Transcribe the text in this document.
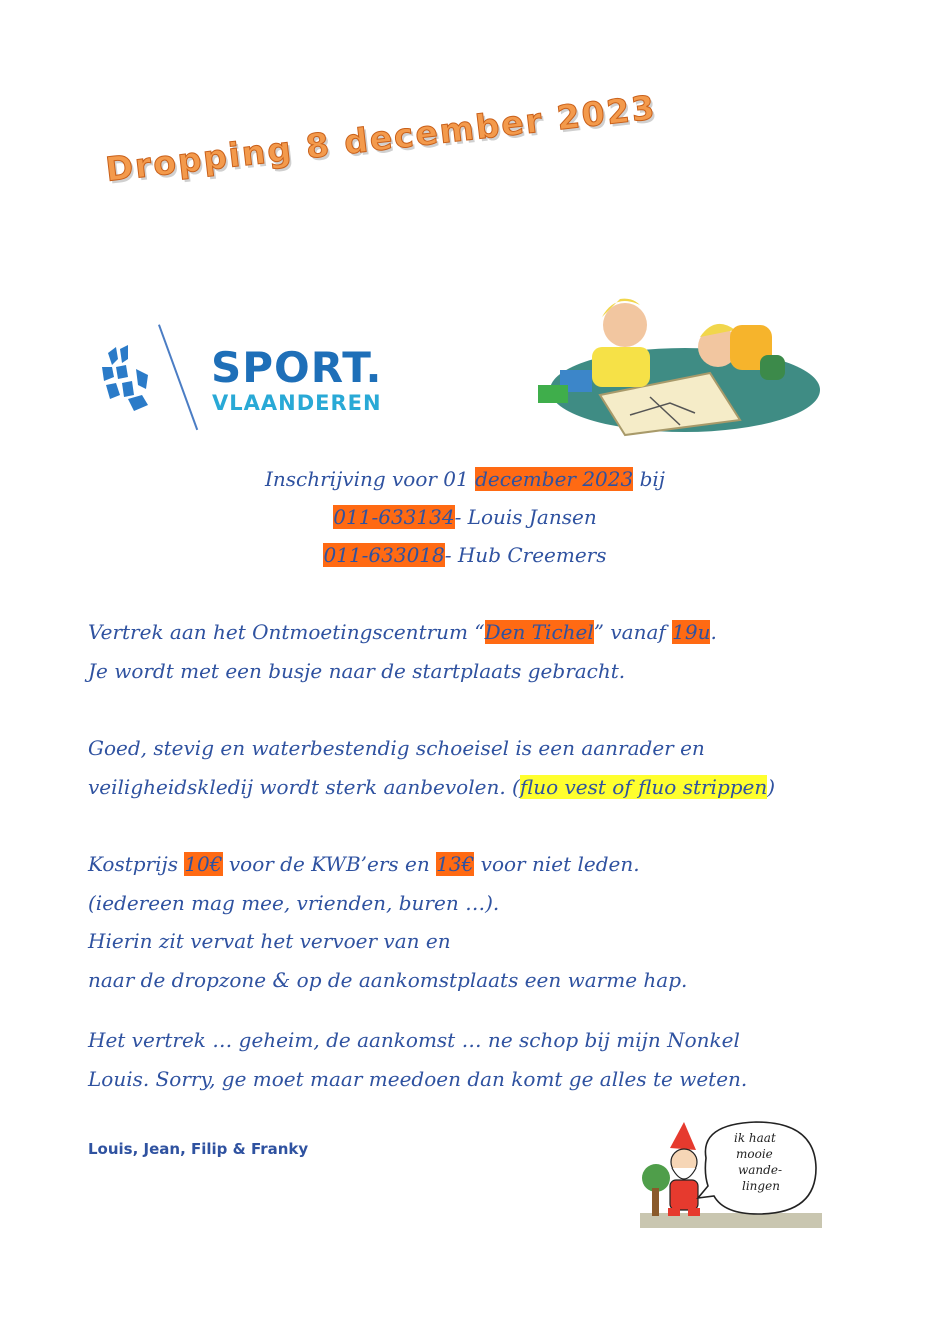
Dropping 8 december 2023
SPORT.
VLAANDEREN
Inschrijving voor 01 december 2023 bij
011-633134- Louis Jansen
011-633018- Hub Creemers
Vertrek aan het Ontmoetingscentrum “Den Tichel” vanaf 19u.
Je wordt met een busje naar de startplaats gebracht.
Goed, stevig en waterbestendig schoeisel is een aanrader en
veiligheidskledij wordt sterk aanbevolen. (fluo vest of fluo strippen)
Kostprijs 10€ voor de KWB’ers en 13€ voor niet leden.
(iedereen mag mee, vrienden, buren …).
Hierin zit vervat het vervoer van en
naar de dropzone & op de aankomstplaats een warme hap.
Het vertrek … geheim, de aankomst … ne schop bij mijn Nonkel
Louis. Sorry, ge moet maar meedoen dan komt ge alles te weten.
Louis, Jean, Filip & Franky
ik haat
mooie
wande-
lingen
